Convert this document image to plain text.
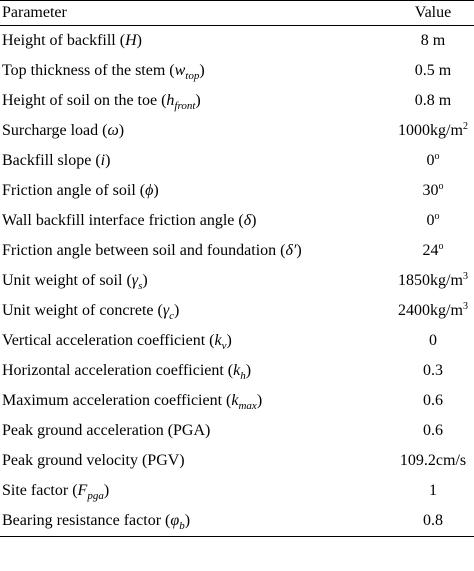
Parameter	Value
Height of backfill (H)	8 m
Top thickness of the stem $(w_{top})$	0.5 m
Height of soil on the toe $(h_{front})$	0.8 m
Surcharge load (ω)	$1000kg/m^2$
Backfill slope (i)	0$^o$
Friction angle of soil (ϕ)	30$^o$
Wall backfill interface friction angle (δ)	0$^o$
Friction angle between soil and foundation (δ′)	24$^o$
Unit weight of soil $(\gamma_s)$	$1850kg/m^3$
Unit weight of concrete $(\gamma_c)$	$2400kg/m^3$
Vertical acceleration coefficient $(k_v)$	0
Horizontal acceleration coefficient $(k_h)$	0.3
Maximum acceleration coefficient $(k_{max})$	0.6
Peak ground acceleration (PGA)	0.6
Peak ground velocity (PGV)	109.2cm/s
Site factor $(F_{pga})$	1
Bearing resistance factor $(\varphi_b)$	0.8
